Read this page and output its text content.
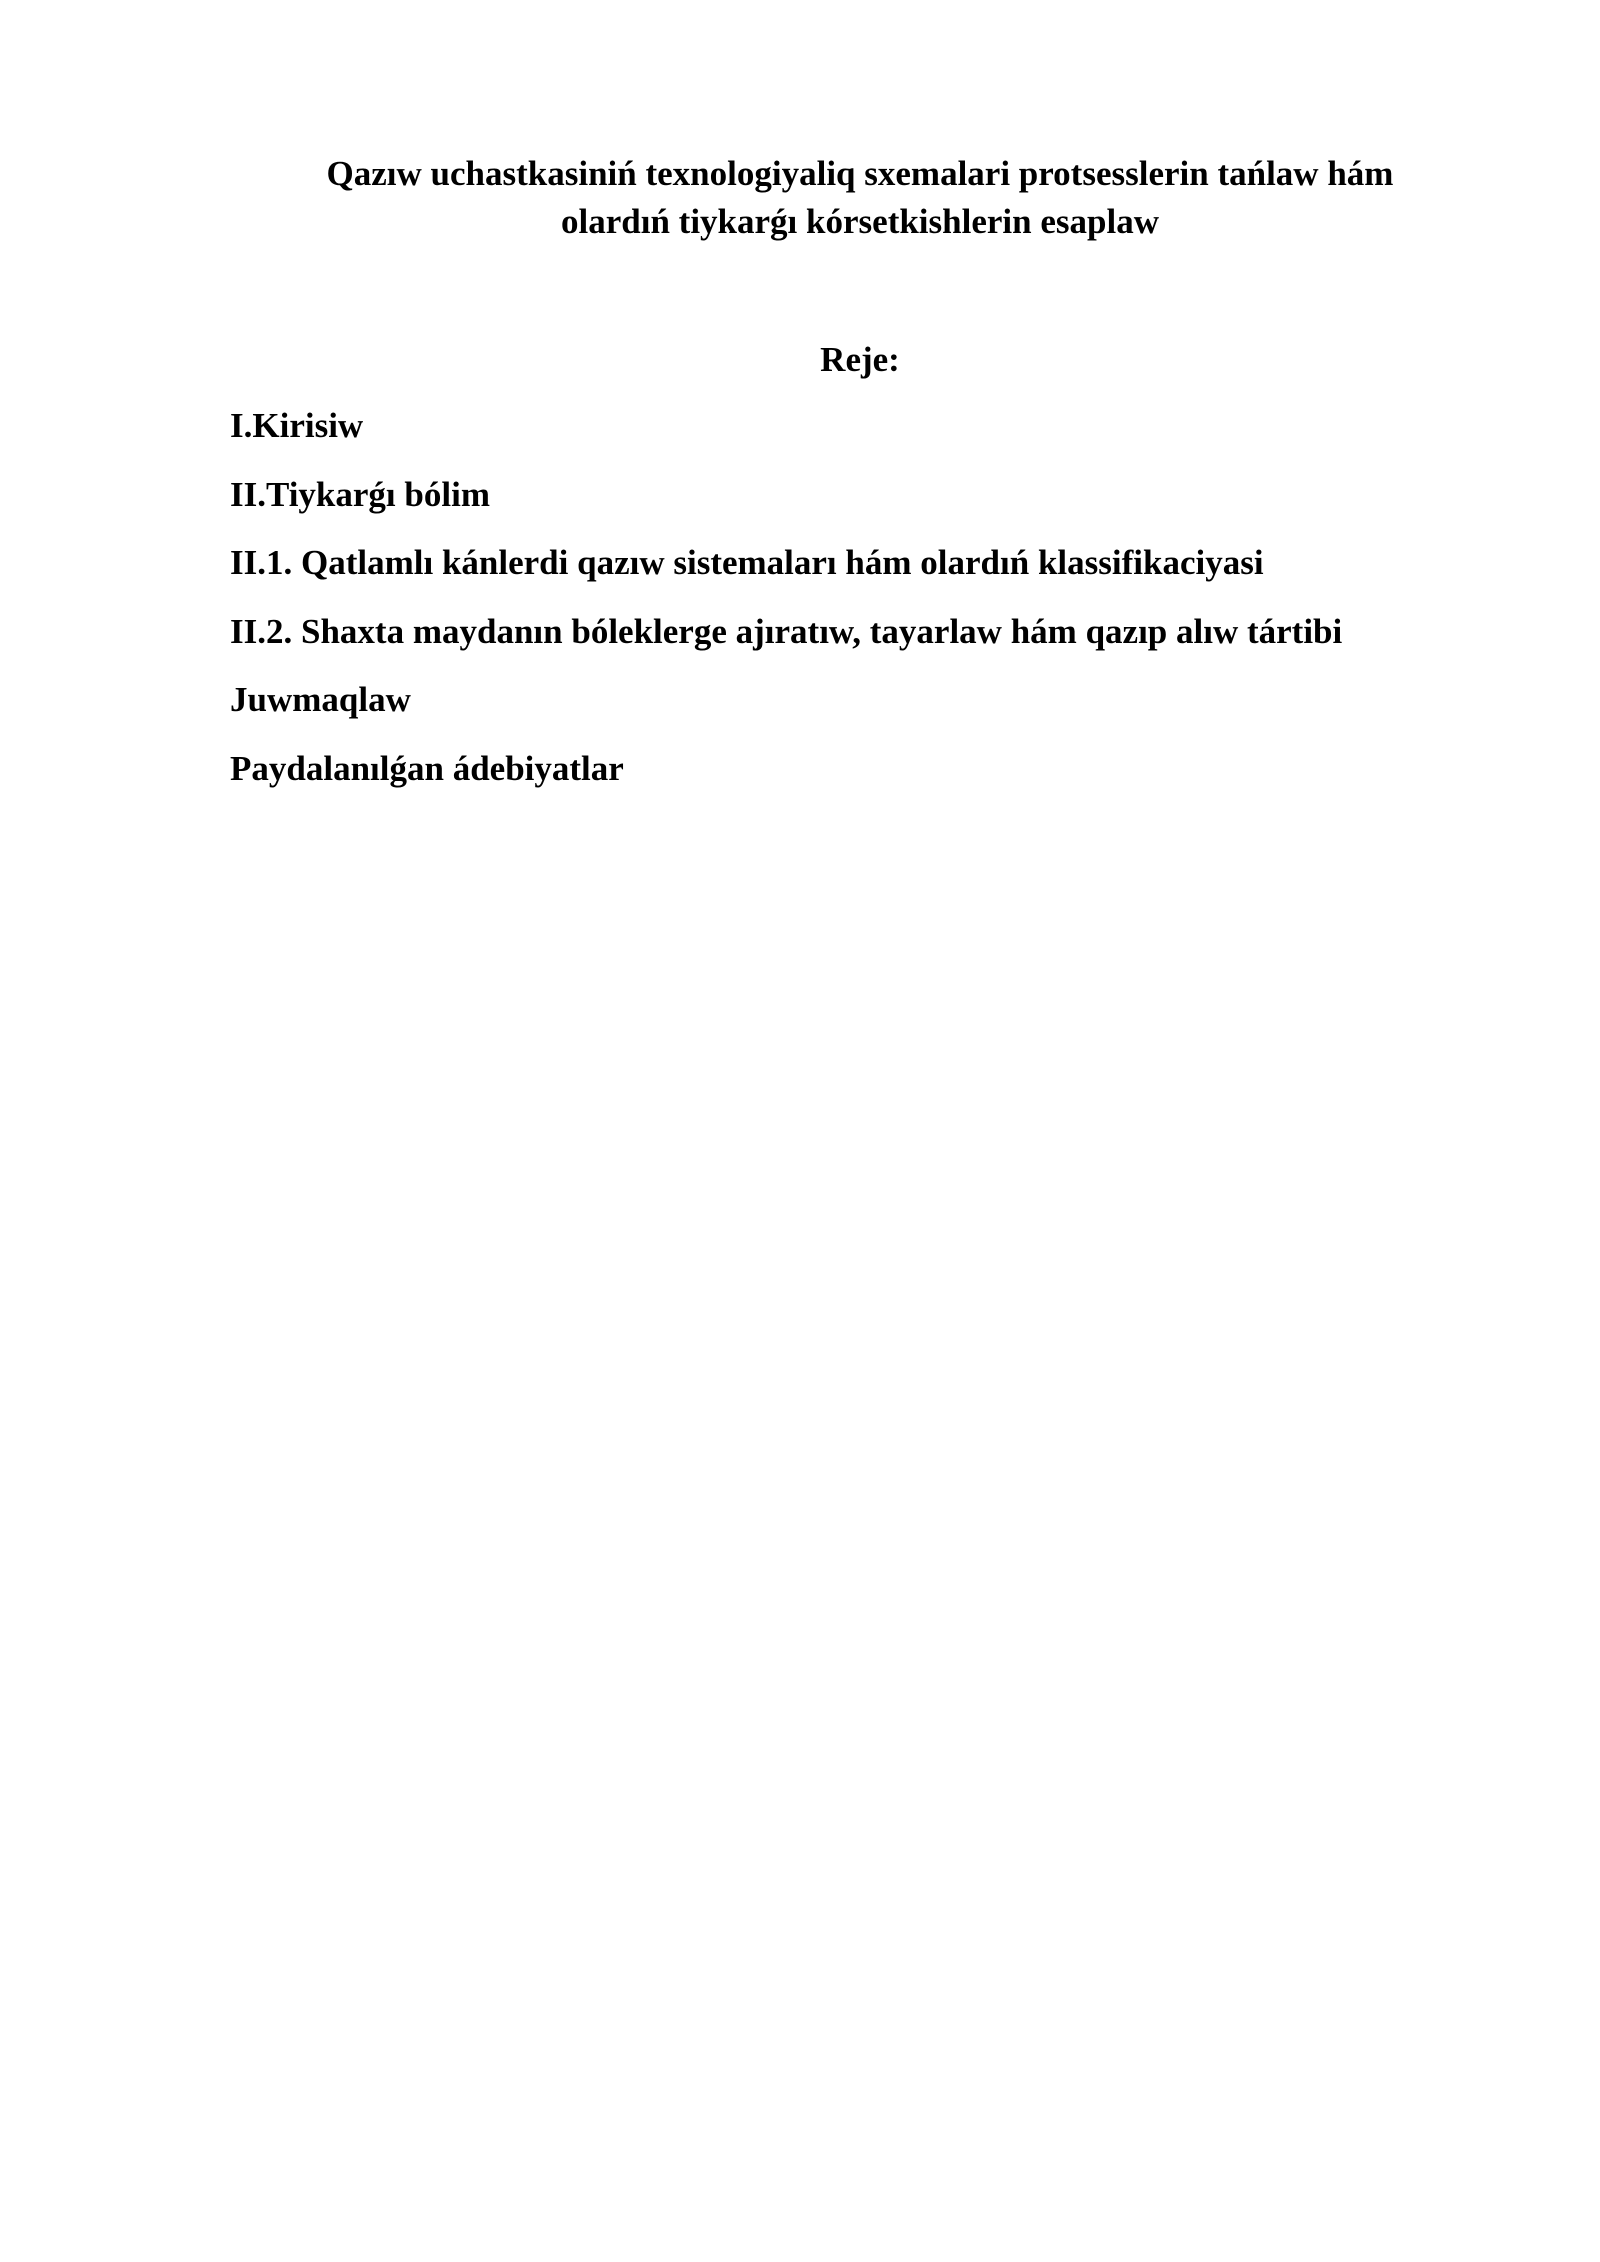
Qazıw uchastkasiniń texnologiyaliq sxemalari protsesslerin tańlaw hám
olardıń tiykarǵı kórsetkishlerin esaplaw
Reje:
I.Kirisiw
II.Tiykarǵı bólim
II.1. Qatlamlı kánlerdi qazıw sistemaları hám olardıń klassifikaciyasi
II.2. Shaxta maydanın bóleklerge ajıratıw, tayarlaw hám qazıp alıw tártibi
Juwmaqlaw
Paydalanılǵan ádebiyatlar
